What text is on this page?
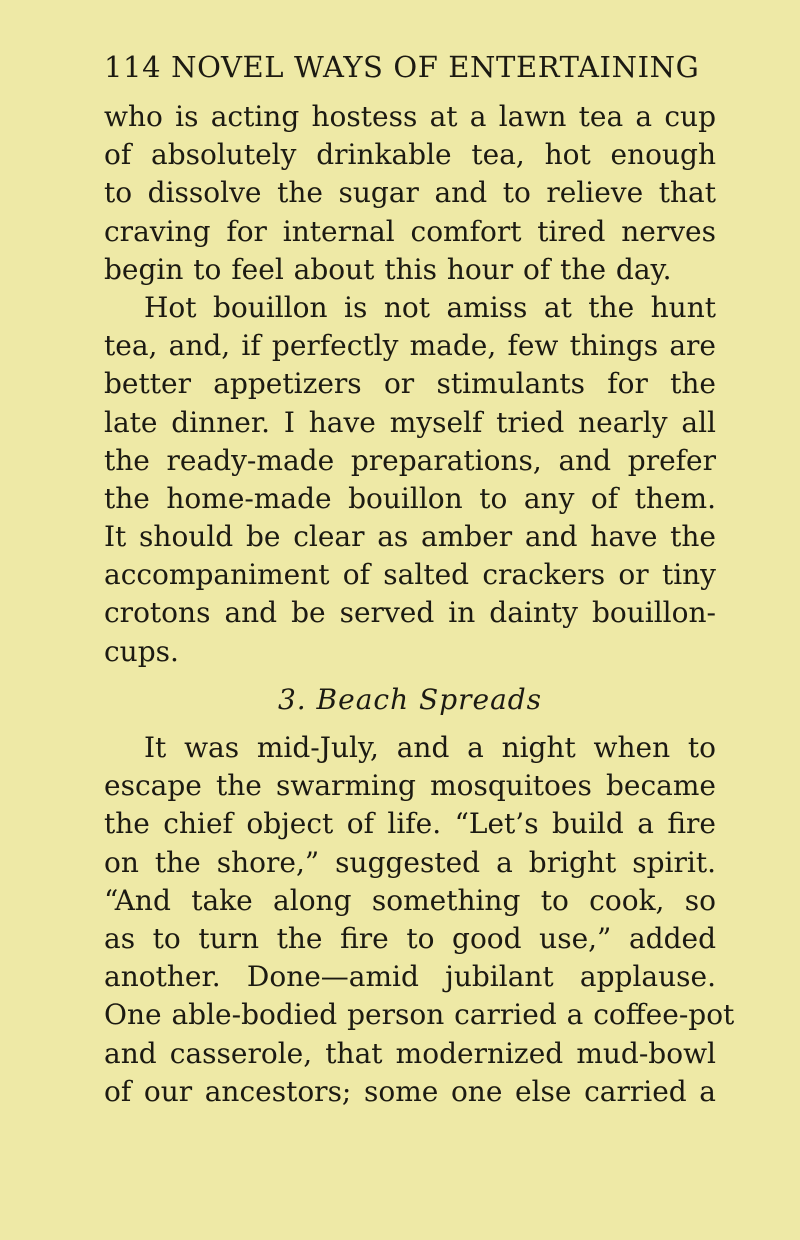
114 NOVEL WAYS OF ENTERTAINING
who is acting hostess at a lawn tea a cup
of absolutely drinkable tea, hot enough
to dissolve the sugar and to relieve that
craving for internal comfort tired nerves
begin to feel about this hour of the day.
Hot bouillon is not amiss at the hunt
tea, and, if perfectly made, few things are
better appetizers or stimulants for the
late dinner. I have myself tried nearly all
the ready-made preparations, and prefer
the home-made bouillon to any of them.
It should be clear as amber and have the
accompaniment of salted crackers or tiny
crotons and be served in dainty bouillon-
cups.
3. Beach Spreads
It was mid-July, and a night when to
escape the swarming mosquitoes became
the chief object of life. “Let’s build a fire
on the shore,” suggested a bright spirit.
“And take along something to cook, so
as to turn the fire to good use,” added
another. Done—amid jubilant applause.
One able-bodied person carried a coffee-pot
and casserole, that modernized mud-bowl
of our ancestors; some one else carried a
